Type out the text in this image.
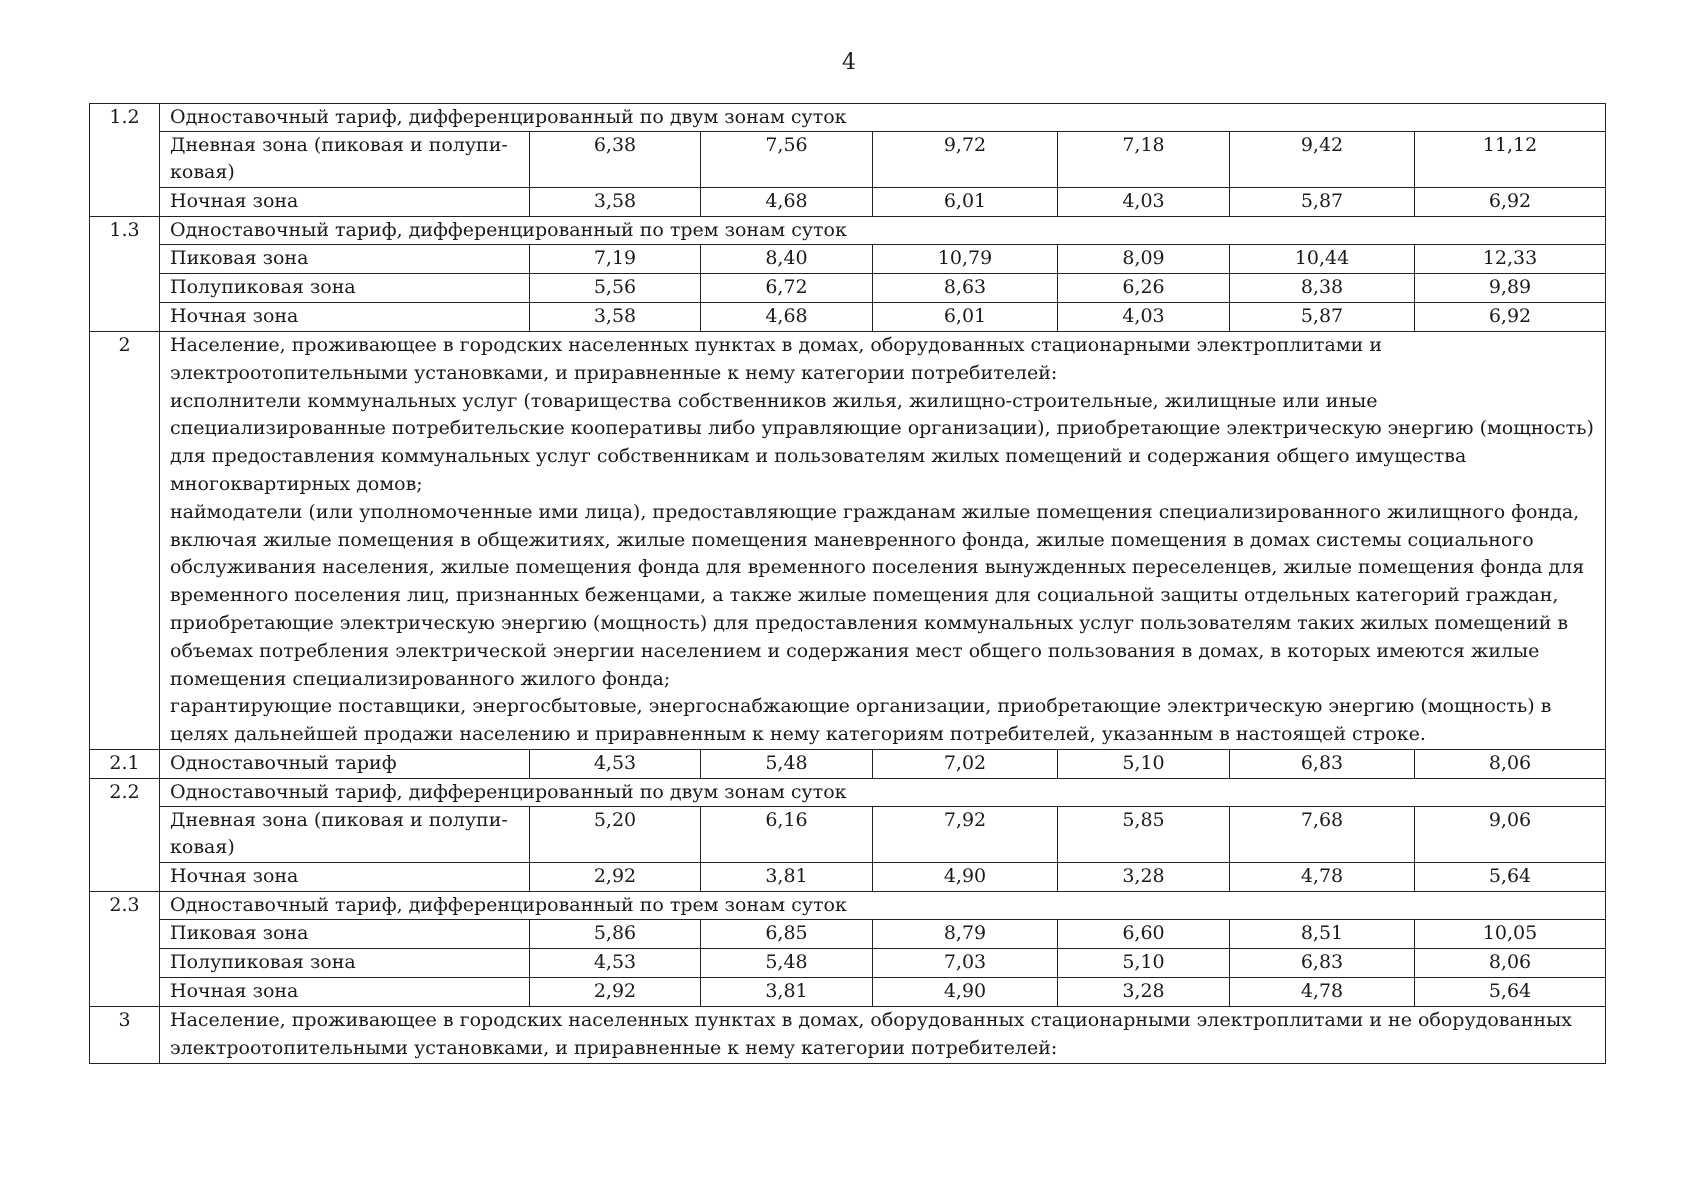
4
1.2	Одноставочный тариф, дифференцированный по двум зонам суток						
	Дневная зона (пиковая и полупи-ковая)	6,38	7,56	9,72	7,18	9,42	11,12
	Ночная зона	3,58	4,68	6,01	4,03	5,87	6,92
1.3	Одноставочный тариф, дифференцированный по трем зонам суток						
	Пиковая зона	7,19	8,40	10,79	8,09	10,44	12,33
	Полупиковая зона	5,56	6,72	8,63	6,26	8,38	9,89
	Ночная зона	3,58	4,68	6,01	4,03	5,87	6,92
2	Население, проживающее в городских населенных пунктах в домах, оборудованных стационарными электроплитами и электроотопительными установками, и приравненные к нему категории потребителей:

исполнители коммунальных услуг (товарищества собственников жилья, жилищно-строительные, жилищные или иные специализированные потребительские кооперативы либо управляющие организации), приобретающие электрическую энергию (мощность) для предоставления коммунальных услуг собственникам и пользователям жилых помещений и содержания общего имущества многоквартирных домов;

наймодатели (или уполномоченные ими лица), предоставляющие гражданам жилые помещения специализированного жилищного фонда, включая жилые помещения в общежитиях, жилые помещения маневренного фонда, жилые помещения в домах системы социального обслуживания населения, жилые помещения фонда для временного поселения вынужденных переселенцев, жилые помещения фонда для временного поселения лиц, признанных беженцами, а также жилые помещения для социальной защиты отдельных категорий граждан, приобретающие электрическую энергию (мощность) для предоставления коммунальных услуг пользователям таких жилых помещений в объемах потребления электрической энергии населением и содержания мест общего пользования в домах, в которых имеются жилые помещения специализированного жилого фонда;

гарантирующие поставщики, энергосбытовые, энергоснабжающие организации, приобретающие электрическую энергию (мощность) в целях дальнейшей продажи населению и приравненным к нему категориям потребителей, указанным в настоящей строке.						

2.1	Одноставочный тариф	4,53	5,48	7,02	5,10	6,83	8,06
2.2	Одноставочный тариф, дифференцированный по двум зонам суток						
	Дневная зона (пиковая и полупи-ковая)	5,20	6,16	7,92	5,85	7,68	9,06
	Ночная зона	2,92	3,81	4,90	3,28	4,78	5,64
2.3	Одноставочный тариф, дифференцированный по трем зонам суток						
	Пиковая зона	5,86	6,85	8,79	6,60	8,51	10,05
	Полупиковая зона	4,53	5,48	7,03	5,10	6,83	8,06
	Ночная зона	2,92	3,81	4,90	3,28	4,78	5,64
3	Население, проживающее в городских населенных пунктах в домах, оборудованных стационарными электроплитами и не оборудованных электроотопительными установками, и приравненные к нему категории потребителей:						
